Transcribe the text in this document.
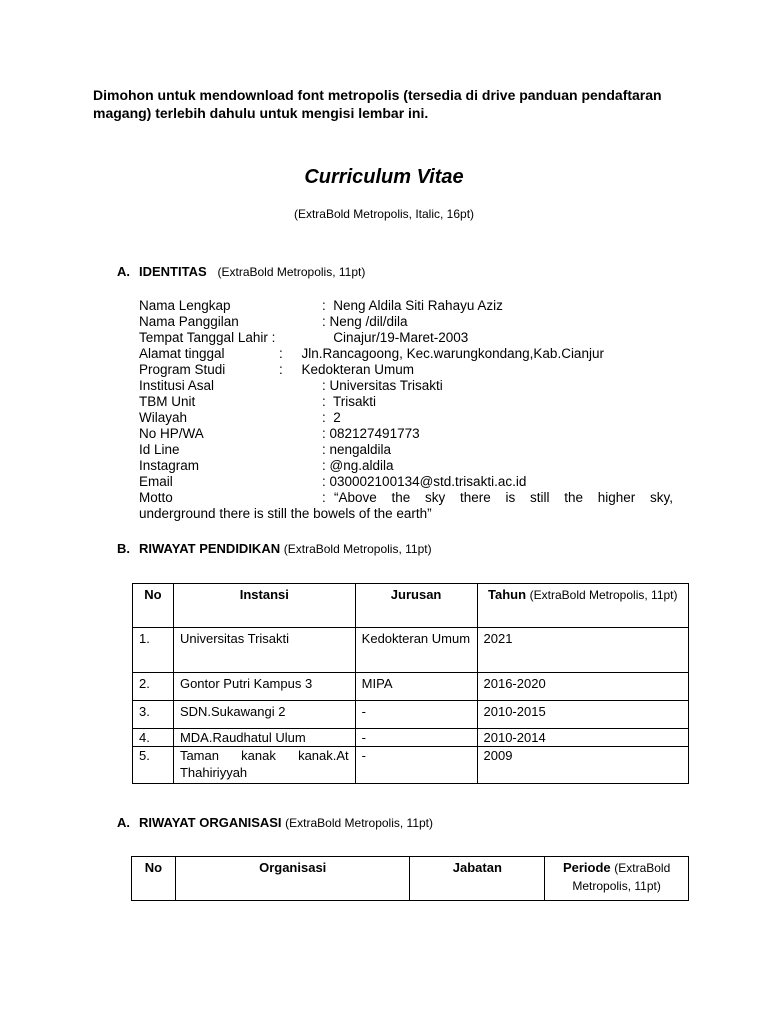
Dimohon untuk mendownload font metropolis (tersedia di drive panduan pendaftaran magang) terlebih dahulu untuk mengisi lembar ini.
Curriculum Vitae
(ExtraBold Metropolis, Italic, 16pt)
A. IDENTITAS (ExtraBold Metropolis, 11pt)
Nama Lengkap	:  Neng Aldila Siti Rahayu Aziz
Nama Panggilan	: Neng /dil/dila
Tempat Tanggal Lahir :	Cinajur/19-Maret-2003
Alamat tinggal	:     Jln.Rancagoong, Kec.warungkondang,Kab.Cianjur
Program Studi	:     Kedokteran Umum
Institusi Asal	: Universitas Trisakti
TBM Unit	:  Trisakti
Wilayah	:  2
No HP/WA	: 082127491773
Id Line	: nengaldila
Instagram	: @ng.aldila
Email	: 030002100134@std.trisakti.ac.id
Motto	: “Above the sky there is still the higher sky,
underground there is still the bowels of the earth”
B. RIWAYAT PENDIDIKAN (ExtraBold Metropolis, 11pt)
No	Instansi	Jurusan	Tahun (ExtraBold Metropolis, 11pt)
1.	Universitas Trisakti	Kedokteran Umum	2021
2.	Gontor Putri Kampus 3	MIPA	2016-2020
3.	SDN.Sukawangi 2	-	2010-2015
4.	MDA.Raudhatul Ulum	-	2010-2014
5.	Taman kanak kanak.At
Thahiriyyah	-	2009
A. RIWAYAT ORGANISASI (ExtraBold Metropolis, 11pt)
No	Organisasi	Jabatan	Periode (ExtraBold Metropolis, 11pt)
